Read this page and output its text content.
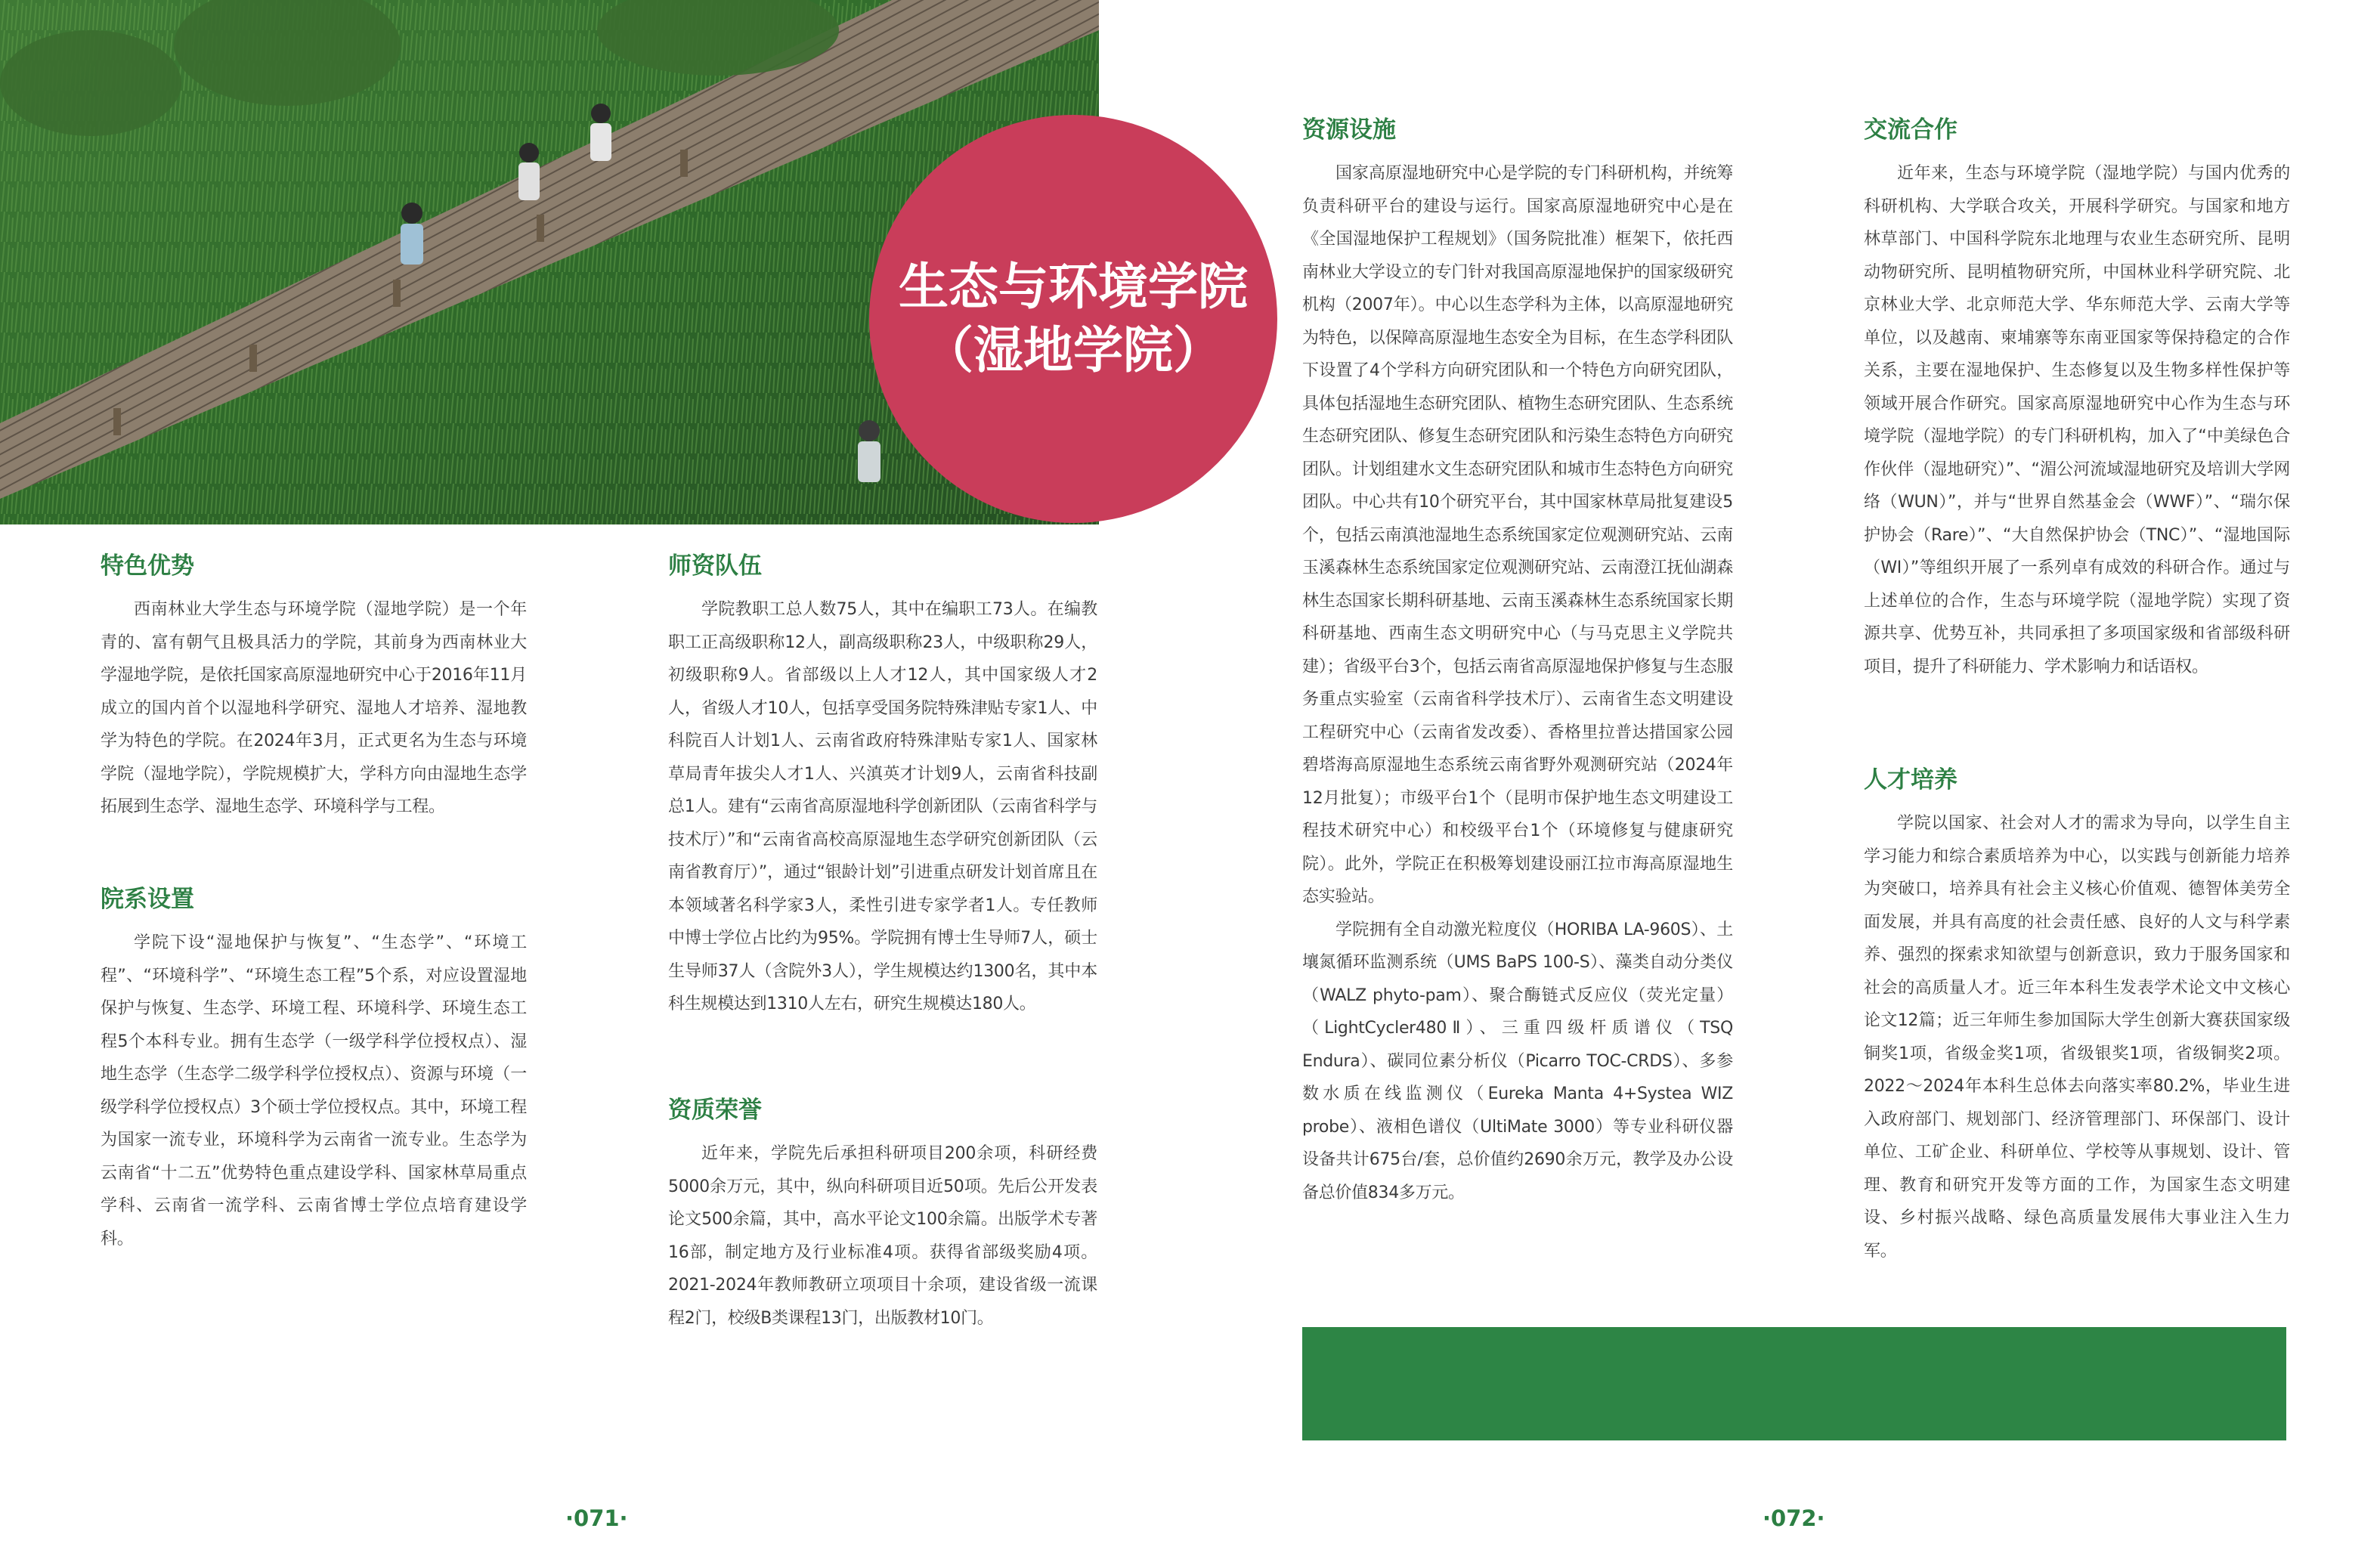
生态与环境学院
（湿地学院）
特色优势

西南林业大学生态与环境学院（湿地学院）是一个年青的、富有朝气且极具活力的学院，其前身为西南林业大学湿地学院，是依托国家高原湿地研究中心于2016年11月成立的国内首个以湿地科学研究、湿地人才培养、湿地教学为特色的学院。在2024年3月，正式更名为生态与环境学院（湿地学院），学院规模扩大，学科方向由湿地生态学拓展到生态学、湿地生态学、环境科学与工程。

院系设置

学院下设“湿地保护与恢复”、“生态学”、“环境工程”、“环境科学”、“环境生态工程”5个系，对应设置湿地保护与恢复、生态学、环境工程、环境科学、环境生态工程5个本科专业。拥有生态学（一级学科学位授权点）、湿地生态学（生态学二级学科学位授权点）、资源与环境（一级学科学位授权点）3个硕士学位授权点。其中，环境工程为国家一流专业，环境科学为云南省一流专业。生态学为云南省“十二五”优势特色重点建设学科、国家林草局重点学科、云南省一流学科、云南省博士学位点培育建设学科。

师资队伍

学院教职工总人数75人，其中在编职工73人。在编教职工正高级职称12人，副高级职称23人，中级职称29人，初级职称9人。省部级以上人才12人，其中国家级人才2人，省级人才10人，包括享受国务院特殊津贴专家1人、中科院百人计划1人、云南省政府特殊津贴专家1人、国家林草局青年拔尖人才1人、兴滇英才计划9人，云南省科技副总1人。建有“云南省高原湿地科学创新团队（云南省科学与技术厅）”和“云南省高校高原湿地生态学研究创新团队（云南省教育厅）”，通过“银龄计划”引进重点研发计划首席且在本领域著名科学家3人，柔性引进专家学者1人。专任教师中博士学位占比约为95%。学院拥有博士生导师7人，硕士生导师37人（含院外3人），学生规模达约1300名，其中本科生规模达到1310人左右，研究生规模达180人。

资质荣誉

近年来，学院先后承担科研项目200余项，科研经费5000余万元，其中，纵向科研项目近50项。先后公开发表论文500余篇，其中，高水平论文100余篇。出版学术专著16部，制定地方及行业标准4项。获得省部级奖励4项。2021-2024年教师教研立项项目十余项，建设省级一流课程2门，校级B类课程13门，出版教材10门。

资源设施

国家高原湿地研究中心是学院的专门科研机构，并统筹负责科研平台的建设与运行。国家高原湿地研究中心是在《全国湿地保护工程规划》（国务院批准）框架下，依托西南林业大学设立的专门针对我国高原湿地保护的国家级研究机构（2007年）。中心以生态学科为主体，以高原湿地研究为特色，以保障高原湿地生态安全为目标，在生态学科团队下设置了4个学科方向研究团队和一个特色方向研究团队，具体包括湿地生态研究团队、植物生态研究团队、生态系统生态研究团队、修复生态研究团队和污染生态特色方向研究团队。计划组建水文生态研究团队和城市生态特色方向研究团队。中心共有10个研究平台，其中国家林草局批复建设5个，包括云南滇池湿地生态系统国家定位观测研究站、云南玉溪森林生态系统国家定位观测研究站、云南澄江抚仙湖森林生态国家长期科研基地、云南玉溪森林生态系统国家长期科研基地、西南生态文明研究中心（与马克思主义学院共建）；省级平台3个，包括云南省高原湿地保护修复与生态服务重点实验室（云南省科学技术厅）、云南省生态文明建设工程研究中心（云南省发改委）、香格里拉普达措国家公园碧塔海高原湿地生态系统云南省野外观测研究站（2024年12月批复）；市级平台1个（昆明市保护地生态文明建设工程技术研究中心）和校级平台1个（环境修复与健康研究院）。此外，学院正在积极筹划建设丽江拉市海高原湿地生态实验站。

学院拥有全自动激光粒度仪（HORIBA LA-960S）、土壤氮循环监测系统（UMS BaPS 100-S）、藻类自动分类仪（WALZ phyto-pam）、聚合酶链式反应仪（荧光定量）（LightCycler480Ⅱ）、三重四级杆质谱仪（TSQ Endura）、碳同位素分析仪（Picarro TOC-CRDS）、多参数水质在线监测仪（Eureka Manta 4+Systea WIZ probe）、液相色谱仪（UltiMate 3000）等专业科研仪器设备共计675台/套，总价值约2690余万元，教学及办公设备总价值834多万元。

交流合作

近年来，生态与环境学院（湿地学院）与国内优秀的科研机构、大学联合攻关，开展科学研究。与国家和地方林草部门、中国科学院东北地理与农业生态研究所、昆明动物研究所、昆明植物研究所，中国林业科学研究院、北京林业大学、北京师范大学、华东师范大学、云南大学等单位，以及越南、柬埔寨等东南亚国家等保持稳定的合作关系，主要在湿地保护、生态修复以及生物多样性保护等领域开展合作研究。国家高原湿地研究中心作为生态与环境学院（湿地学院）的专门科研机构，加入了“中美绿色合作伙伴（湿地研究）”、“湄公河流域湿地研究及培训大学网络（WUN）”，并与“世界自然基金会（WWF）”、“瑞尔保护协会（Rare）”、“大自然保护协会（TNC）”、“湿地国际（WI）”等组织开展了一系列卓有成效的科研合作。通过与上述单位的合作，生态与环境学院（湿地学院）实现了资源共享、优势互补，共同承担了多项国家级和省部级科研项目，提升了科研能力、学术影响力和话语权。

人才培养

学院以国家、社会对人才的需求为导向，以学生自主学习能力和综合素质培养为中心，以实践与创新能力培养为突破口，培养具有社会主义核心价值观、德智体美劳全面发展，并具有高度的社会责任感、良好的人文与科学素养、强烈的探索求知欲望与创新意识，致力于服务国家和社会的高质量人才。近三年本科生发表学术论文中文核心论文12篇；近三年师生参加国际大学生创新大赛获国家级铜奖1项，省级金奖1项，省级银奖1项，省级铜奖2项。2022～2024年本科生总体去向落实率80.2%，毕业生进入政府部门、规划部门、经济管理部门、环保部门、设计单位、工矿企业、科研单位、学校等从事规划、设计、管理、教育和研究开发等方面的工作，为国家生态文明建设、乡村振兴战略、绿色高质量发展伟大事业注入生力军。

·071·	·072·
